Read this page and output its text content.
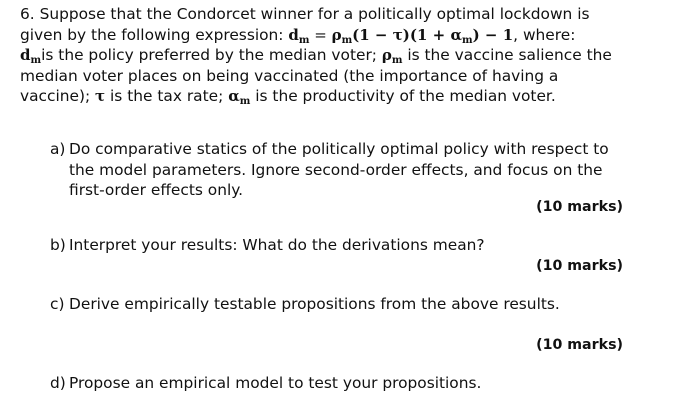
6. Suppose that the Condorcet winner for a politically optimal lockdown is
given by the following expression: $d_m = \rho_m(1 - \tau)(1 + \alpha_m) - 1$, where:
$d_mis$ the policy preferred by the median voter; $\rho_m$ is the vaccine salience the
median voter places on being vaccinated (the importance of having a
vaccine); τ is the tax rate; $\alpha_m$ is the productivity of the median voter.
a) Do comparative statics of the politically optimal policy with respect to
the model parameters. Ignore second-order effects, and focus on the
first-order effects only.
(10 marks)
b) Interpret your results: What do the derivations mean?
(10 marks)
c) Derive empirically testable propositions from the above results.
(10 marks)
d) Propose an empirical model to test your propositions.
